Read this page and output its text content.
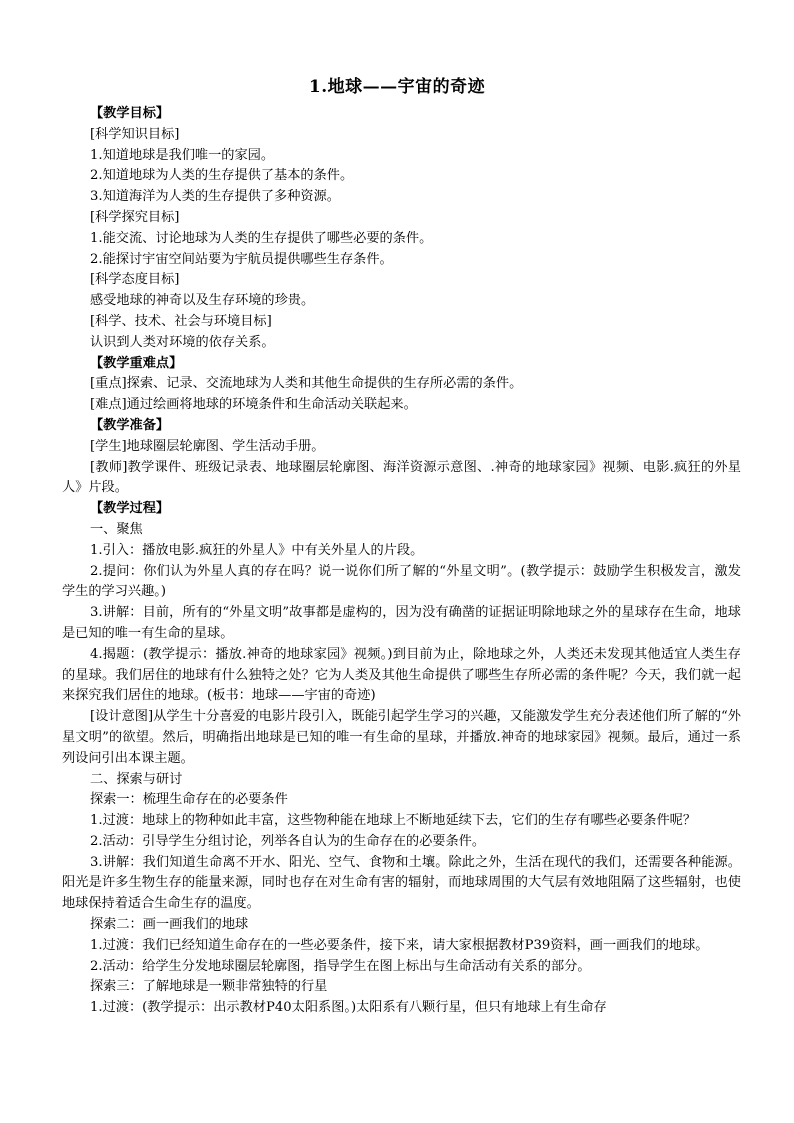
1.地球——宇宙的奇迹

【教学目标】

[科学知识目标]

1.知道地球是我们唯一的家园。

2.知道地球为人类的生存提供了基本的条件。

3.知道海洋为人类的生存提供了多种资源。

[科学探究目标]

1.能交流、讨论地球为人类的生存提供了哪些必要的条件。

2.能探讨宇宙空间站要为宇航员提供哪些生存条件。

[科学态度目标]

感受地球的神奇以及生存环境的珍贵。

[科学、技术、社会与环境目标]

认识到人类对环境的依存关系。

【教学重难点】

[重点]探索、记录、交流地球为人类和其他生命提供的生存所必需的条件。

[难点]通过绘画将地球的环境条件和生命活动关联起来。

【教学准备】

[学生]地球圈层轮廓图、学生活动手册。

[教师]教学课件、班级记录表、地球圈层轮廓图、海洋资源示意图、.神奇的地球家园》视频、电影.疯狂的外星人》片段。

【教学过程】

一、聚焦

1.引入：播放电影.疯狂的外星人》中有关外星人的片段。

2.提问：你们认为外星人真的存在吗？说一说你们所了解的“外星文明”。(教学提示：鼓励学生积极发言，激发学生的学习兴趣。)

3.讲解：目前，所有的“外星文明”故事都是虚构的，因为没有确凿的证据证明除地球之外的星球存在生命，地球是已知的唯一有生命的星球。

4.揭题：(教学提示：播放.神奇的地球家园》视频。)到目前为止，除地球之外，人类还未发现其他适宜人类生存的星球。我们居住的地球有什么独特之处？它为人类及其他生命提供了哪些生存所必需的条件呢？今天，我们就一起来探究我们居住的地球。(板书：地球——宇宙的奇迹)

[设计意图]从学生十分喜爱的电影片段引入，既能引起学生学习的兴趣，又能激发学生充分表述他们所了解的“外星文明”的欲望。然后，明确指出地球是已知的唯一有生命的星球，并播放.神奇的地球家园》视频。最后，通过一系列设问引出本课主题。

二、探索与研讨

探索一：梳理生命存在的必要条件

1.过渡：地球上的物种如此丰富，这些物种能在地球上不断地延续下去，它们的生存有哪些必要条件呢？

2.活动：引导学生分组讨论，列举各自认为的生命存在的必要条件。

3.讲解：我们知道生命离不开水、阳光、空气、食物和土壤。除此之外，生活在现代的我们，还需要各种能源。阳光是许多生物生存的能量来源，同时也存在对生命有害的辐射，而地球周围的大气层有效地阻隔了这些辐射，也使地球保持着适合生命生存的温度。

探索二：画一画我们的地球

1.过渡：我们已经知道生命存在的一些必要条件，接下来，请大家根据教材P39资料，画一画我们的地球。

2.活动：给学生分发地球圈层轮廓图，指导学生在图上标出与生命活动有关系的部分。

探索三：了解地球是一颗非常独特的行星

1.过渡：(教学提示：出示教材P40太阳系图。)太阳系有八颗行星，但只有地球上有生命存
